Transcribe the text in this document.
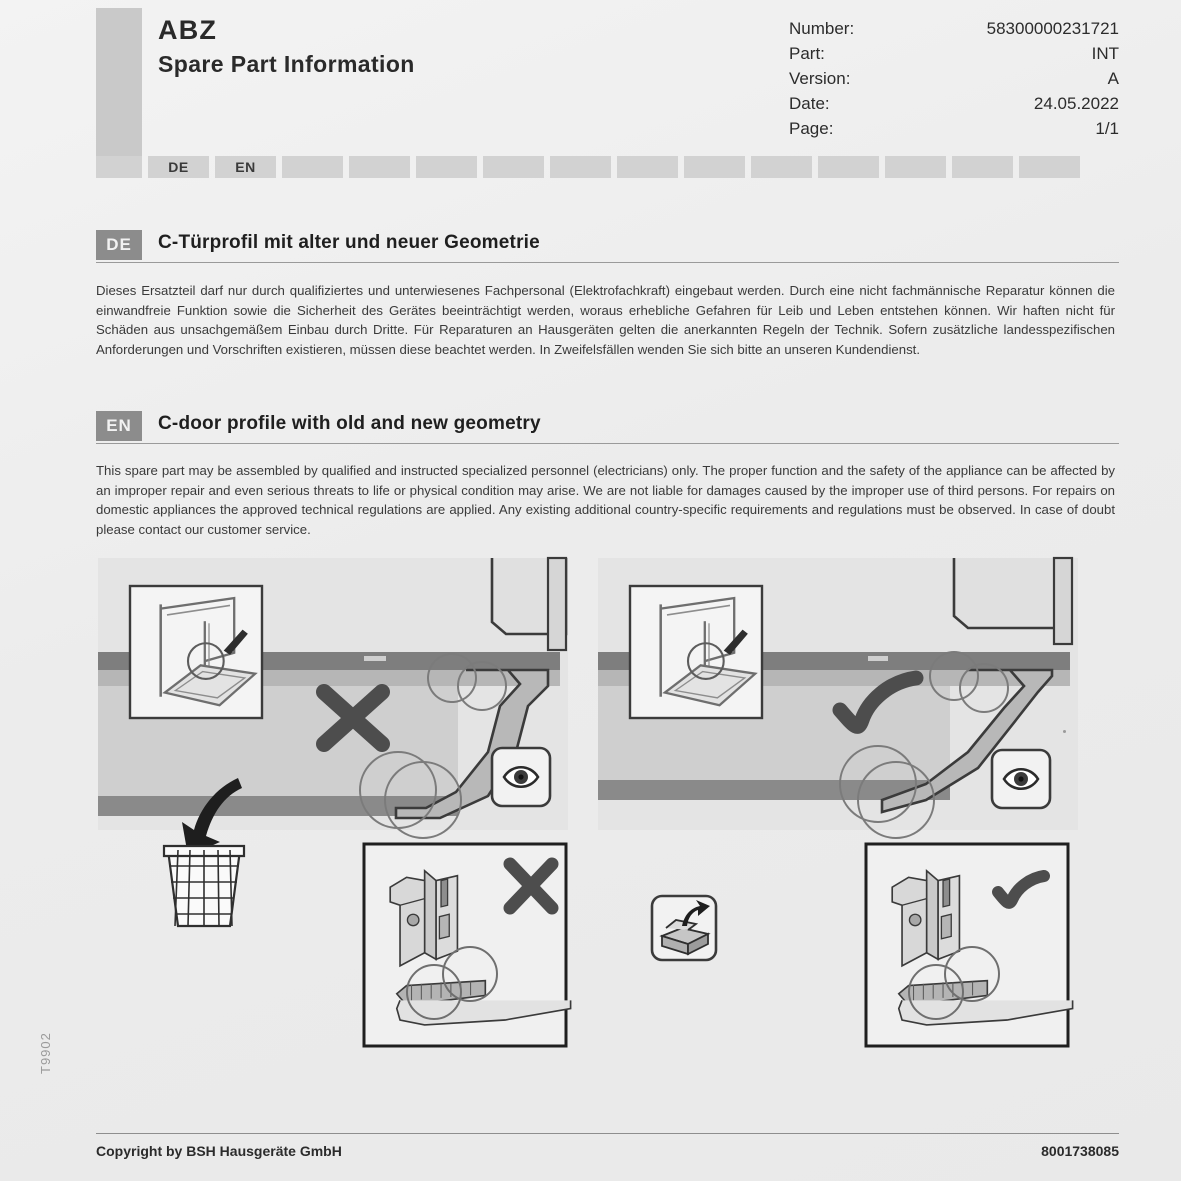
ABZ
Spare Part Information
Number:	58300000231721
Part:	INT
Version:	A
Date:	24.05.2022
Page:	1/1
DE	EN
DE	C-Türprofil mit alter und neuer Geometrie
Dieses Ersatzteil darf nur durch qualifiziertes und unterwiesenes Fachpersonal (Elektrofachkraft) eingebaut werden. Durch eine nicht fachmännische Reparatur können die einwandfreie Funktion sowie die Sicherheit des Gerätes beeinträchtigt werden, woraus erhebliche Gefahren für Leib und Leben entstehen können. Wir haften nicht für Schäden aus unsachgemäßem Einbau durch Dritte. Für Reparaturen an Hausgeräten gelten die anerkannten Regeln der Technik. Sofern zusätzliche landesspezifischen Anforderungen und Vorschriften existieren, müssen diese beachtet werden. In Zweifelsfällen wenden Sie sich bitte an unseren Kundendienst.
EN	C-door profile with old and new geometry
This spare part may be assembled by qualified and instructed specialized personnel (electricians) only. The proper function and the safety of the appliance can be affected by an improper repair and even serious threats to life or physical condition may arise. We are not liable for damages caused by the improper use of third persons. For repairs on domestic appliances the approved technical regulations are applied. Any existing additional country-specific requirements and regulations must be observed. In case of doubt please contact our customer service.
Copyright by BSH Hausgeräte GmbH	8001738085
T9902
